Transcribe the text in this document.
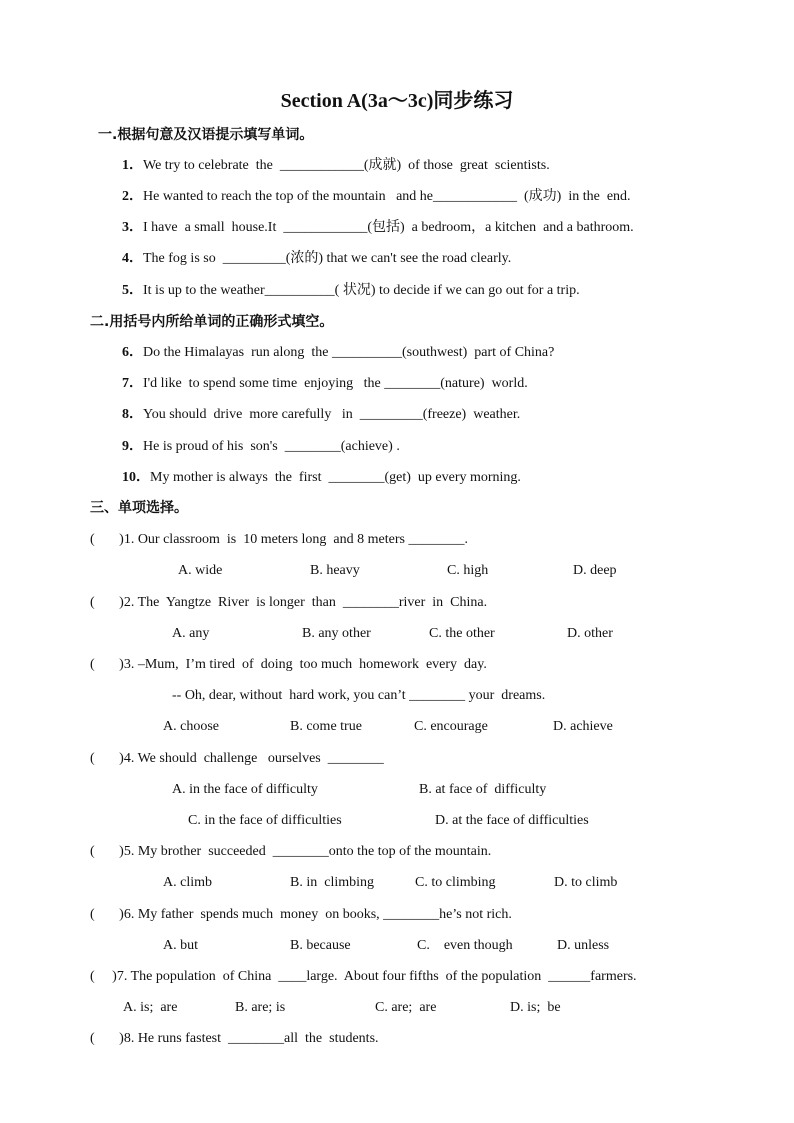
Section A(3a～3c)同步练习
一.根据句意及汉语提示填写单词。
1．We try to celebrate  the  ____________(成就)  of those  great  scientists.
2．He wanted to reach the top of the mountain   and he____________  (成功)  in the  end.
3．I have  a small  house.It  ____________(包括)  a bedroom，a kitchen  and a bathroom.
4．The fog is so  _________(浓的) that we can't see the road clearly.
5．It is up to the weather__________( 状况) to decide if we can go out for a trip.
二.用括号内所给单词的正确形式填空。
6．Do the Himalayas  run along  the __________(southwest)  part of China?
7．I'd like  to spend some time  enjoying   the ________(nature)  world.
8．You should  drive  more carefully   in  _________(freeze)  weather.
9．He is proud of his  son's  ________(achieve) .
10．My mother is always  the  first  ________(get)  up every morning.
三、单项选择。
(       )1. Our classroom  is  10 meters long  and 8 meters ________.
A. wide	B. heavy	C. high	D. deep
(       )2. The  Yangtze  River  is longer  than  ________river  in  China.
A. any	B. any other	C. the other	D. other
(       )3. –Mum,  I’m tired  of  doing  too much  homework  every  day.
-- Oh, dear, without  hard work, you can’t ________ your  dreams.
A. choose	B. come true	C. encourage	D. achieve
(       )4. We should  challenge   ourselves  ________
A. in the face of difficulty	B. at face of  difficulty
C. in the face of difficulties	D. at the face of difficulties
(       )5. My brother  succeeded  ________onto the top of the mountain.
A. climb	B. in  climbing	C. to climbing	D. to climb
(       )6. My father  spends much  money  on books, ________he’s not rich.
A. but	B. because	C.    even though	D. unless
(     )7. The population  of China  ____large.  About four fifths  of the population  ______farmers.
A. is;  are	B. are; is	C. are;  are	D. is;  be
(       )8. He runs fastest  ________all  the  students.
